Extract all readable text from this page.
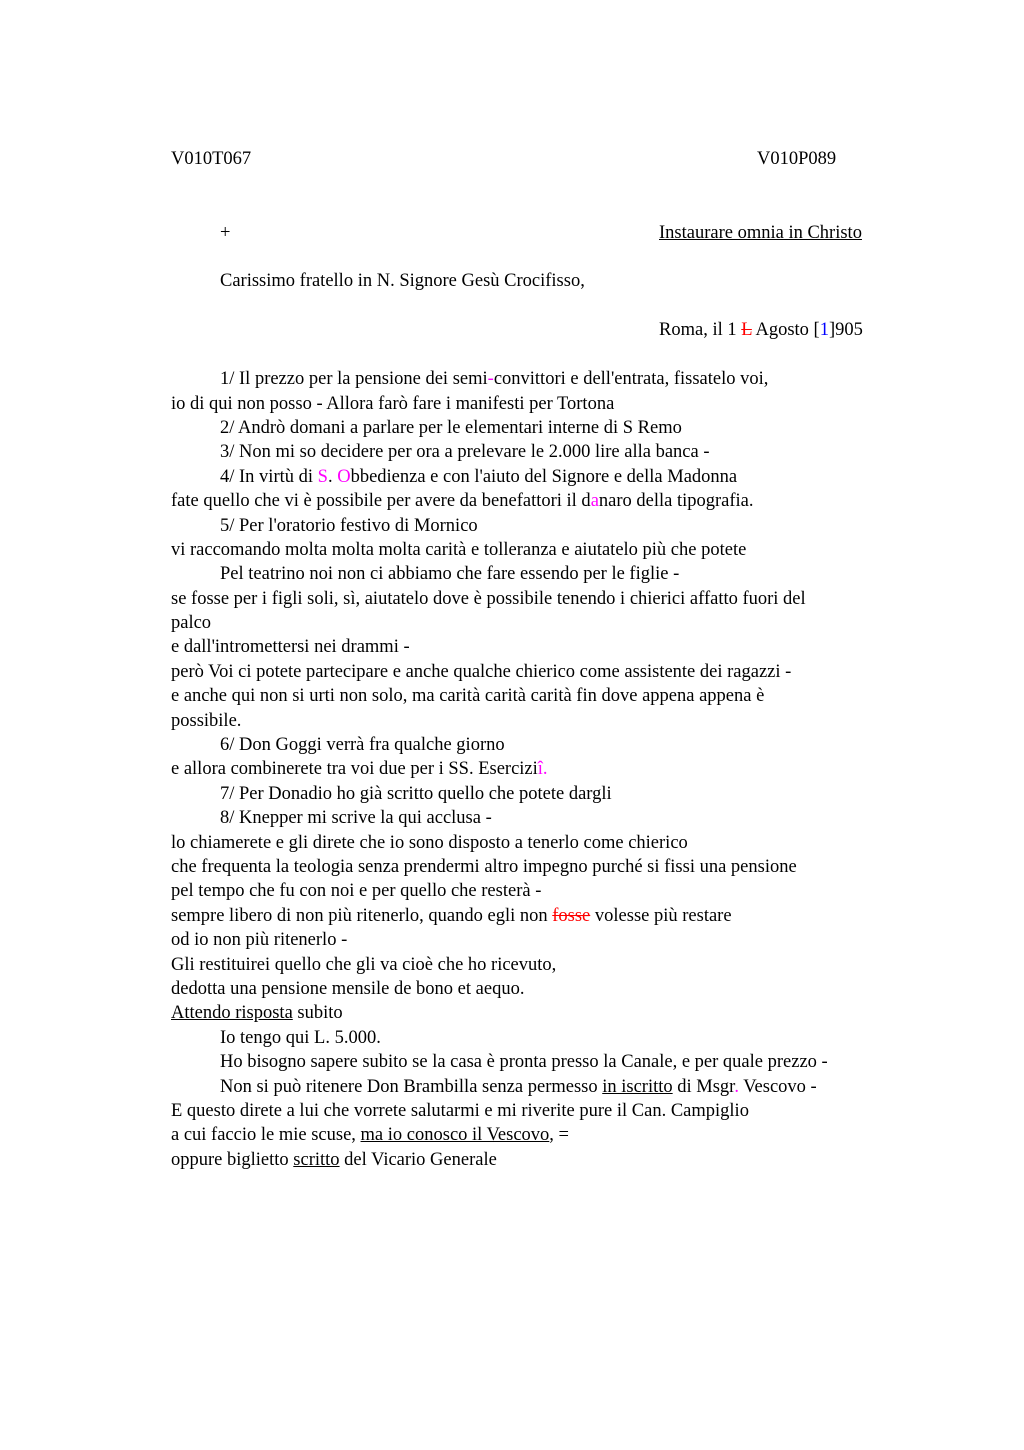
V010T067	V010P089
+	Instaurare omnia in Christo
Carissimo fratello in N. Signore Gesù Crocifisso,
Roma, il 1 L Agosto [1]905
1/ Il prezzo per la pensione dei semi-convittori e dell'entrata, fissatelo voi,
io di qui non posso - Allora farò fare i manifesti per Tortona
2/ Andrò domani a parlare per le elementari interne di S Remo
3/ Non mi so decidere per ora a prelevare le 2.000 lire alla banca -
4/ In virtù di S. Obbedienza e con l'aiuto del Signore e della Madonna
fate quello che vi è possibile per avere da benefattori il danaro della tipografia.
5/ Per l'oratorio festivo di Mornico
vi raccomando molta molta molta carità e tolleranza e aiutatelo più che potete
Pel teatrino noi non ci abbiamo che fare essendo per le figlie -
se fosse per i figli soli, sì, aiutatelo dove è possibile tenendo i chierici affatto fuori del
palco
e dall'intromettersi nei drammi -
però Voi ci potete partecipare e anche qualche chierico come assistente dei ragazzi -
e anche qui non si urti non solo, ma carità carità carità fin dove appena appena è
possibile.
6/ Don Goggi verrà fra qualche giorno
e allora combinerete tra voi due per i SS. Eserciziî.
7/ Per Donadio ho già scritto quello che potete dargli
8/ Knepper mi scrive la qui acclusa -
lo chiamerete e gli direte che io sono disposto a tenerlo come chierico
che frequenta la teologia senza prendermi altro impegno purché si fissi una pensione
pel tempo che fu con noi e per quello che resterà -
sempre libero di non più ritenerlo, quando egli non fosse volesse più restare
od io non più ritenerlo -
Gli restituirei quello che gli va cioè che ho ricevuto,
dedotta una pensione mensile de bono et aequo.
Attendo risposta subito
Io tengo qui L. 5.000.
Ho bisogno sapere subito se la casa è pronta presso la Canale, e per quale prezzo -
Non si può ritenere Don Brambilla senza permesso in iscritto di Msgr. Vescovo -
E questo direte a lui che vorrete salutarmi e mi riverite pure il Can. Campiglio
a cui faccio le mie scuse, ma io conosco il Vescovo, =
oppure biglietto scritto del Vicario Generale
